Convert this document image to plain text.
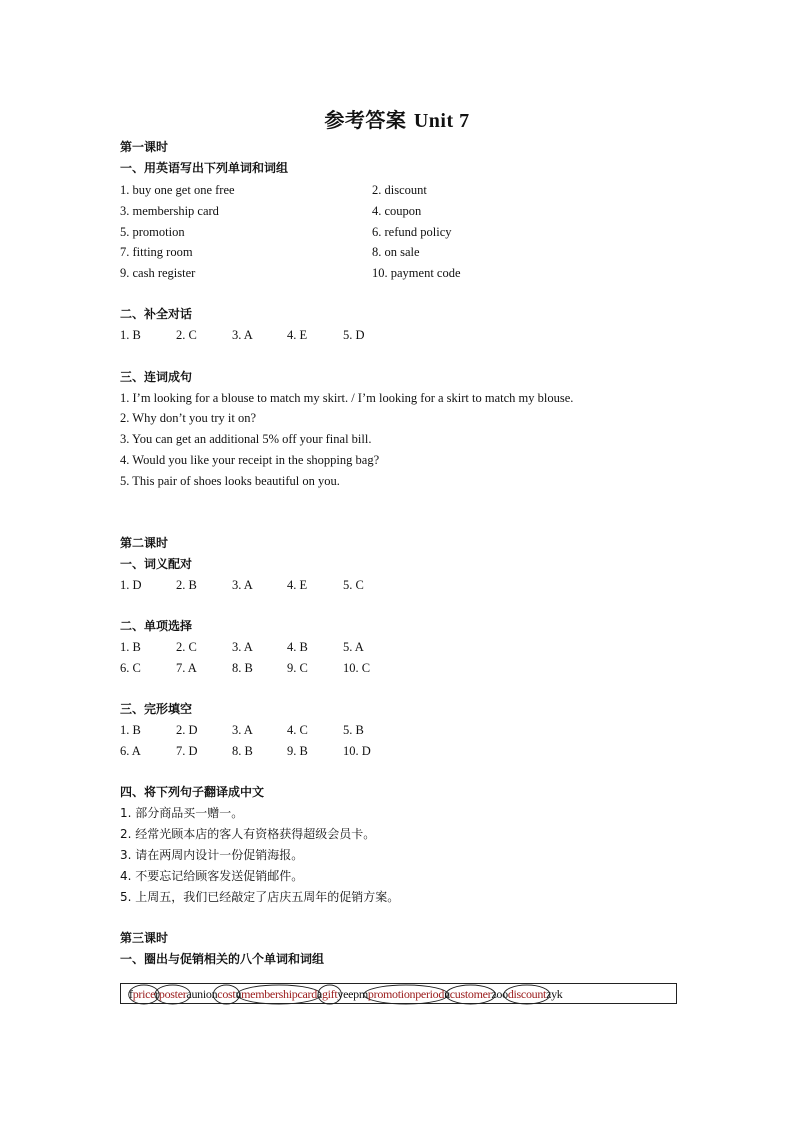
参考答案 Unit 7
第一课时
一、用英语写出下列单词和词组
1. buy one get one free	2. discount
3. membership card	4. coupon
5. promotion	6. refund policy
7. fitting room	8. on sale
9. cash register	10. payment code
二、补全对话
1. B	2. C	3. A	4. E	5. D
三、连词成句
1. I’m looking for a blouse to match my skirt. / I’m looking for a skirt to match my blouse.
2. Why don’t you try it on?
3. You can get an additional 5% off your final bill.
4. Would you like your receipt in the shopping bag?
5. This pair of shoes looks beautiful on you.
第二课时
一、词义配对
1. D	2. B	3. A	4. E	5. C
二、单项选择
1. B	2. C	3. A	4. B	5. A
6. C	7. A	8. B	9. C	10. C
三、完形填空
1. B	2. D	3. A	4. C	5. B
6. A	7. D	8. B	9. B	10. D
四、将下列句子翻译成中文
1. 部分商品买一赠一。
2. 经常光顾本店的客人有资格获得超级会员卡。
3. 请在两周内设计一份促销海报。
4. 不要忘记给顾客发送促销邮件。
5. 上周五，我们已经敲定了店庆五周年的促销方案。
第三课时
一、圈出与促销相关的八个单词和词组
fpricerposteraunioncostumembershipcardagiftyeepmpromotionperioducustomerzoodiscountzyk
